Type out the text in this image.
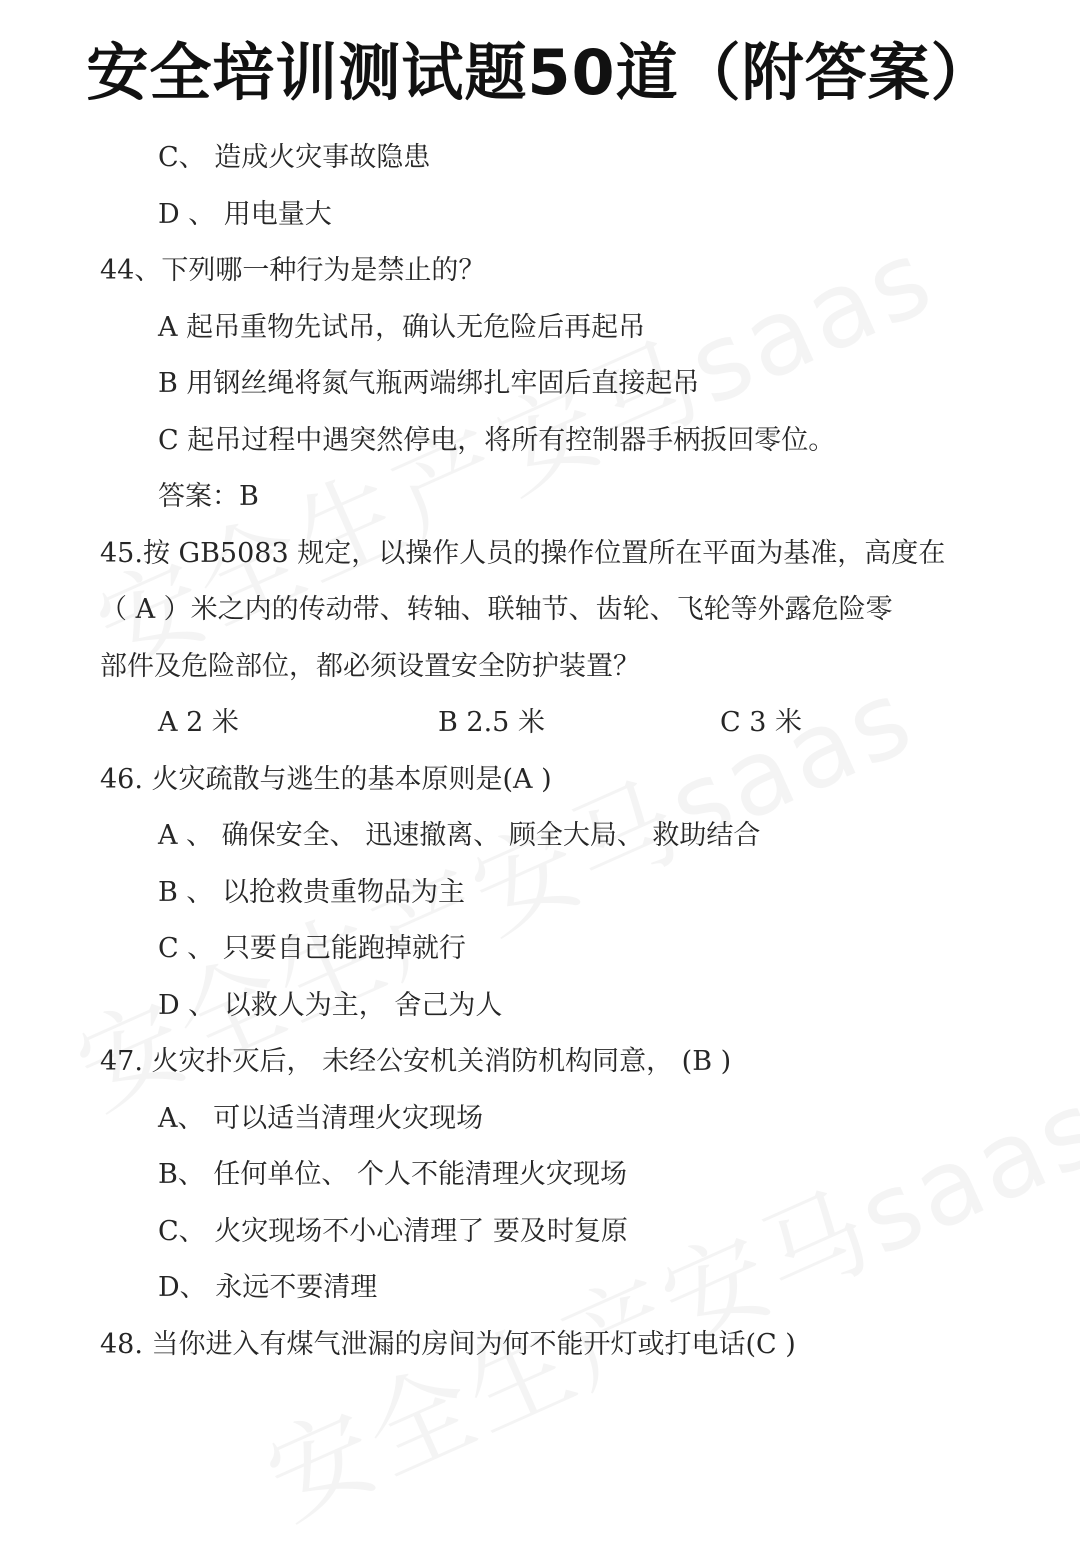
安全培训测试题50道（附答案）
C、 造成火灾事故隐患
D 、 用电量大
44、下列哪一种行为是禁止的？
A 起吊重物先试吊，确认无危险后再起吊
B 用钢丝绳将氮气瓶两端绑扎牢固后直接起吊
C 起吊过程中遇突然停电，将所有控制器手柄扳回零位。
答案：B
45.按 GB5083 规定，以操作人员的操作位置所在平面为基准，高度在
（ A ）米之内的传动带、转轴、联轴节、齿轮、飞轮等外露危险零
部件及危险部位，都必须设置安全防护装置？
A 2 米	B 2.5 米	C 3 米
46. 火灾疏散与逃生的基本原则是(A )
A 、 确保安全、 迅速撤离、 顾全大局、 救助结合
B 、 以抢救贵重物品为主
C 、 只要自己能跑掉就行
D 、 以救人为主， 舍己为人
47. 火灾扑灭后， 未经公安机关消防机构同意， (B )
A、 可以适当清理火灾现场
B、 任何单位、 个人不能清理火灾现场
C、 火灾现场不小心清理了 要及时复原
D、 永远不要清理
48. 当你进入有煤气泄漏的房间为何不能开灯或打电话(C )
